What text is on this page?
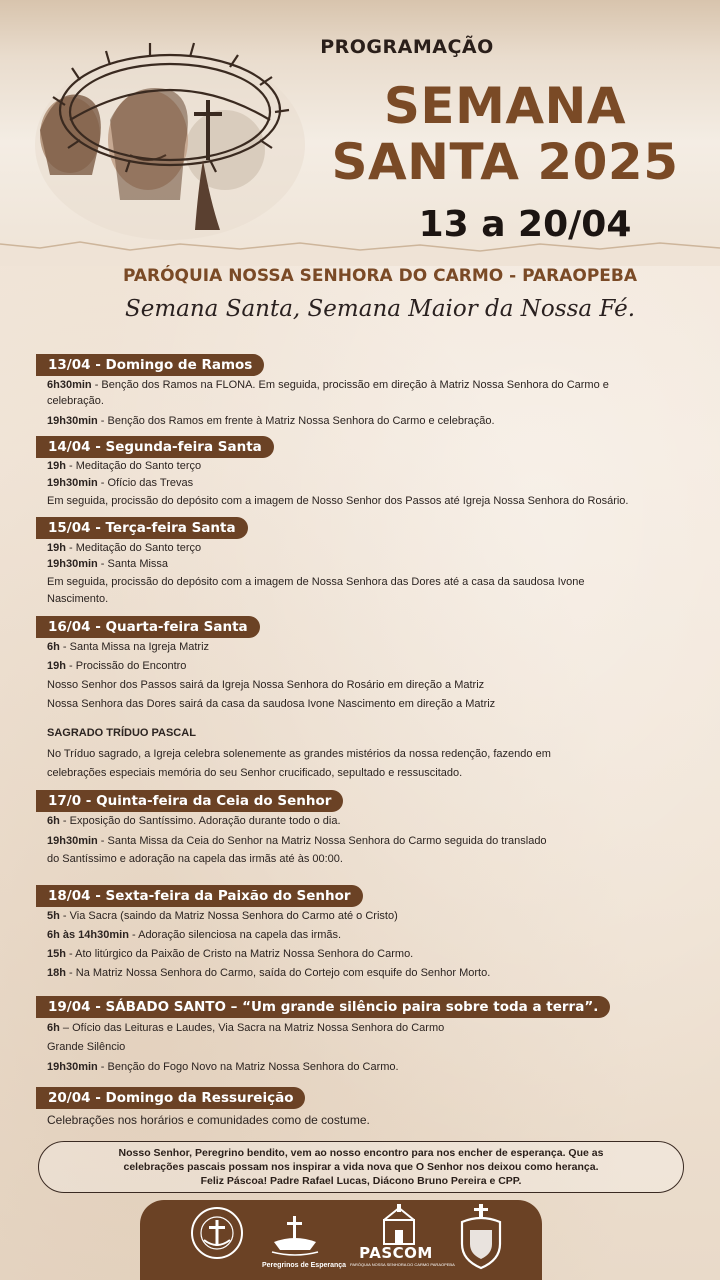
PROGRAMAÇÃO
SEMANA
SANTA 2025
13 a 20/04
PARÓQUIA NOSSA SENHORA DO CARMO - PARAOPEBA
Semana Santa, Semana Maior da Nossa Fé.
13/04 - Domingo de Ramos
6h30min - Benção dos Ramos na FLONA. Em seguida, procissão em direção à Matriz Nossa Senhora do Carmo e
celebração.
19h30min - Benção dos Ramos em frente à Matriz Nossa Senhora do Carmo e celebração.
14/04 - Segunda-feira Santa
19h - Meditação do Santo terço
19h30min - Ofício das Trevas
Em seguida, procissão do depósito com a imagem de Nosso Senhor dos Passos até Igreja Nossa Senhora do Rosário.
15/04 - Terça-feira Santa
19h - Meditação do Santo terço
19h30min - Santa Missa
Em seguida, procissão do depósito com a imagem de Nossa Senhora das Dores até a casa da saudosa Ivone
Nascimento.
16/04 - Quarta-feira Santa
6h - Santa Missa na Igreja Matriz
19h - Procissão do Encontro
Nosso Senhor dos Passos sairá da Igreja Nossa Senhora do Rosário em direção a Matriz
Nossa Senhora das Dores sairá da casa da saudosa Ivone Nascimento em direção a Matriz
SAGRADO TRÍDUO PASCAL
No Tríduo sagrado, a Igreja celebra solenemente as grandes mistérios da nossa redenção, fazendo em
celebrações especiais memória do seu Senhor crucificado, sepultado e ressuscitado.
17/0 - Quinta-feira da Ceia do Senhor
6h - Exposição do Santíssimo. Adoração durante todo o dia.
19h30min - Santa Missa da Ceia do Senhor na Matriz Nossa Senhora do Carmo seguida do translado
do Santíssimo e adoração na capela das irmãs até às 00:00.
18/04 - Sexta-feira da Paixão do Senhor
5h - Via Sacra (saindo da Matriz Nossa Senhora do Carmo até o Cristo)
6h às 14h30min - Adoração silenciosa na capela das irmãs.
15h - Ato litúrgico da Paixão de Cristo na Matriz Nossa Senhora do Carmo.
18h - Na Matriz Nossa Senhora do Carmo, saída do Cortejo com esquife do Senhor Morto.
19/04 - SÁBADO SANTO – “Um grande silêncio paira sobre toda a terra”.
6h – Ofício das Leituras e Laudes, Via Sacra na Matriz Nossa Senhora do Carmo
Grande Silêncio
19h30min - Benção do Fogo Novo na Matriz Nossa Senhora do Carmo.
20/04 - Domingo da Ressureição
Celebrações nos horários e comunidades como de costume.
Nosso Senhor, Peregrino bendito, vem ao nosso encontro para nos encher de esperança. Que as
celebrações pascais possam nos inspirar a vida nova que O Senhor nos deixou como herança.
Feliz Páscoa! Padre Rafael Lucas, Diácono Bruno Pereira e CPP.
Peregrinos de Esperança
PASCOM
PARÓQUIA NOSSA SENHORA DO CARMO PARAOPEBA
